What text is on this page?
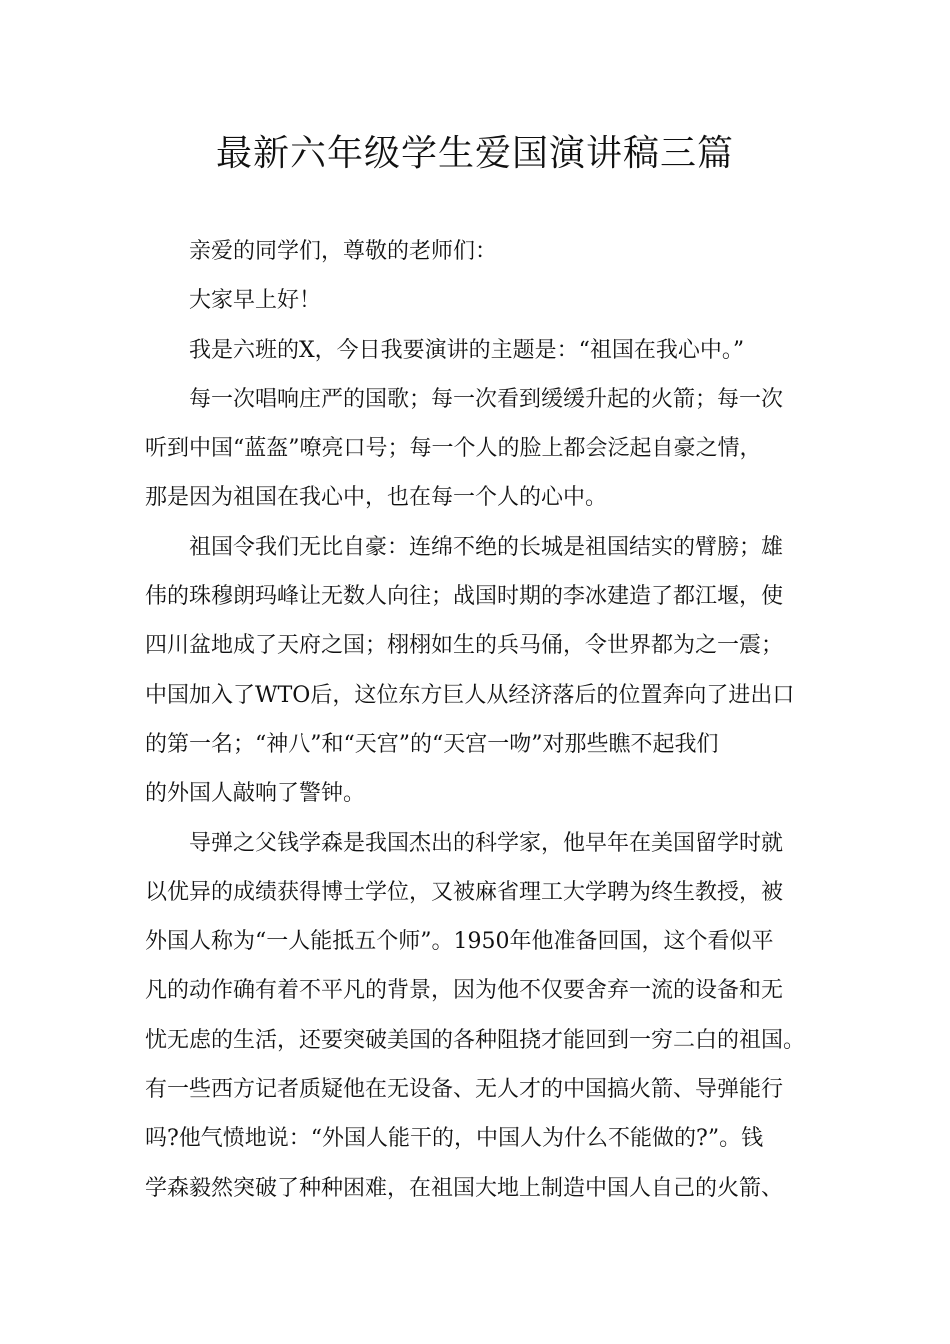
最新六年级学生爱国演讲稿三篇

亲爱的同学们，尊敬的老师们：

大家早上好！

我是六班的X，今日我要演讲的主题是：“祖国在我心中。”

每一次唱响庄严的国歌；每一次看到缓缓升起的火箭；每一次
听到中国“蓝盔”嘹亮口号；每一个人的脸上都会泛起自豪之情，
那是因为祖国在我心中，也在每一个人的心中。

祖国令我们无比自豪：连绵不绝的长城是祖国结实的臂膀；雄
伟的珠穆朗玛峰让无数人向往；战国时期的李冰建造了都江堰，使
四川盆地成了天府之国；栩栩如生的兵马俑，令世界都为之一震；
中国加入了WTO后，这位东方巨人从经济落后的位置奔向了进出口
的第一名；“神八”和“天宫”的“天宫一吻”对那些瞧不起我们
的外国人敲响了警钟。

导弹之父钱学森是我国杰出的科学家，他早年在美国留学时就
以优异的成绩获得博士学位，又被麻省理工大学聘为终生教授，被
外国人称为“一人能抵五个师”。1950年他准备回国，这个看似平
凡的动作确有着不平凡的背景，因为他不仅要舍弃一流的设备和无
忧无虑的生活，还要突破美国的各种阻挠才能回到一穷二白的祖国。
有一些西方记者质疑他在无设备、无人才的中国搞火箭、导弹能行
吗?他气愤地说：“外国人能干的，中国人为什么不能做的?”。钱
学森毅然突破了种种困难，在祖国大地上制造中国人自己的火箭、
